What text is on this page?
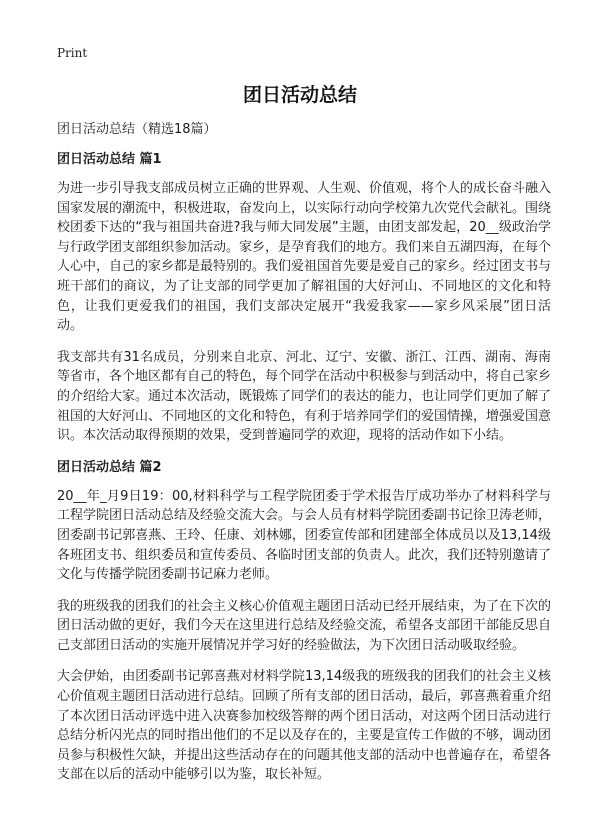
Print
团日活动总结

团日活动总结（精选18篇）

团日活动总结 篇1

为进一步引导我支部成员树立正确的世界观、人生观、价值观，将个人的成长奋斗融入国家发展的潮流中，积极进取，奋发向上，以实际行动向学校第九次党代会献礼。围绕校团委下达的“我与祖国共奋进?我与师大同发展”主题，由团支部发起，20__级政治学与行政学团支部组织参加活动。家乡，是孕育我们的地方。我们来自五湖四海，在每个人心中，自己的家乡都是最特别的。我们爱祖国首先要是爱自己的家乡。经过团支书与班干部们的商议，为了让支部的同学更加了解祖国的大好河山、不同地区的文化和特色，让我们更爱我们的祖国，我们支部决定展开“我爱我家——家乡风采展”团日活动。

我支部共有31名成员，分别来自北京、河北、辽宁、安徽、浙江、江西、湖南、海南等省市，各个地区都有自己的特色，每个同学在活动中积极参与到活动中，将自己家乡的介绍给大家。通过本次活动，既锻炼了同学们的表达的能力，也让同学们更加了解了祖国的大好河山、不同地区的文化和特色，有利于培养同学们的爱国情操，增强爱国意识。本次活动取得预期的效果，受到普遍同学的欢迎，现将的活动作如下小结。

团日活动总结 篇2

20__年_月9日19：00,材料科学与工程学院团委于学术报告厅成功举办了材料科学与工程学院团日活动总结及经验交流大会。与会人员有材料学院团委副书记徐卫涛老师，团委副书记郭喜燕、王玲、任康、刘林娜，团委宣传部和团建部全体成员以及13,14级各班团支书、组织委员和宣传委员、各临时团支部的负责人。此次，我们还特别邀请了文化与传播学院团委副书记麻力老师。

我的班级我的团我们的社会主义核心价值观主题团日活动已经开展结束，为了在下次的团日活动做的更好，我们今天在这里进行总结及经验交流，希望各支部团干部能反思自己支部团日活动的实施开展情况并学习好的经验做法，为下次团日活动吸取经验。

大会伊始，由团委副书记郭喜燕对材料学院13,14级我的班级我的团我们的社会主义核心价值观主题团日活动进行总结。回顾了所有支部的团日活动，最后，郭喜燕着重介绍了本次团日活动评选中进入决赛参加校级答辩的两个团日活动，对这两个团日活动进行总结分析闪光点的同时指出他们的不足以及存在的，主要是宣传工作做的不够，调动团员参与积极性欠缺，并提出这些活动存在的问题其他支部的活动中也普遍存在，希望各支部在以后的活动中能够引以为鉴，取长补短。
